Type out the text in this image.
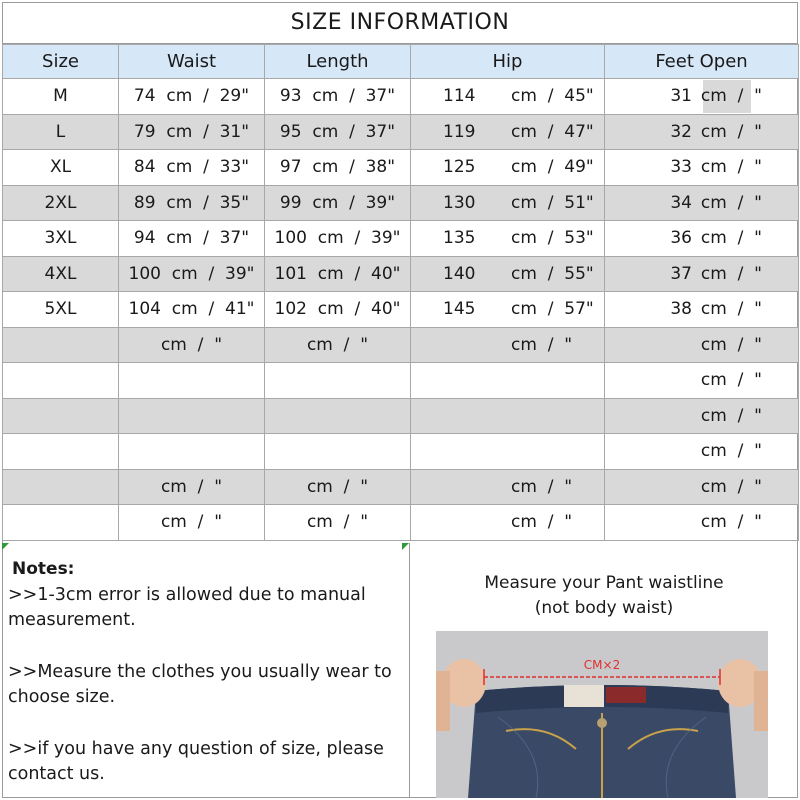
SIZE INFORMATION
Size	Waist	Length	Hip	Feet Open
M	74  cm  /  29"	93  cm  /  37"	114 cm  /  45"	31 cm  /  "

L	79  cm  /  31"	95  cm  /  37"	119 cm  /  47"	32 cm  /  "

XL	84  cm  /  33"	97  cm  /  38"	125 cm  /  49"	33 cm  /  "

2XL	89  cm  /  35"	99  cm  /  39"	130 cm  /  51"	34 cm  /  "

3XL	94  cm  /  37"	100  cm  /  39"	135 cm  /  53"	36 cm  /  "

4XL	100  cm  /  39"	101  cm  /  40"	140 cm  /  55"	37 cm  /  "

5XL	104  cm  /  41"	102  cm  /  40"	145 cm  /  57"	38 cm  /  "

	cm  /  "	cm  /  "	cm  /  "	cm  /  "

				cm  /  "

				cm  /  "

				cm  /  "

	cm  /  "	cm  /  "	cm  /  "	cm  /  "

	cm  /  "	cm  /  "	cm  /  "	cm  /  "
Notes:
>>1-3cm error is allowed due to manual measurement.
>>Measure the clothes you usually wear to choose size.
>>if you have any question of size, please contact us.
Measure your Pant waistline
(not body waist)
CM×2
